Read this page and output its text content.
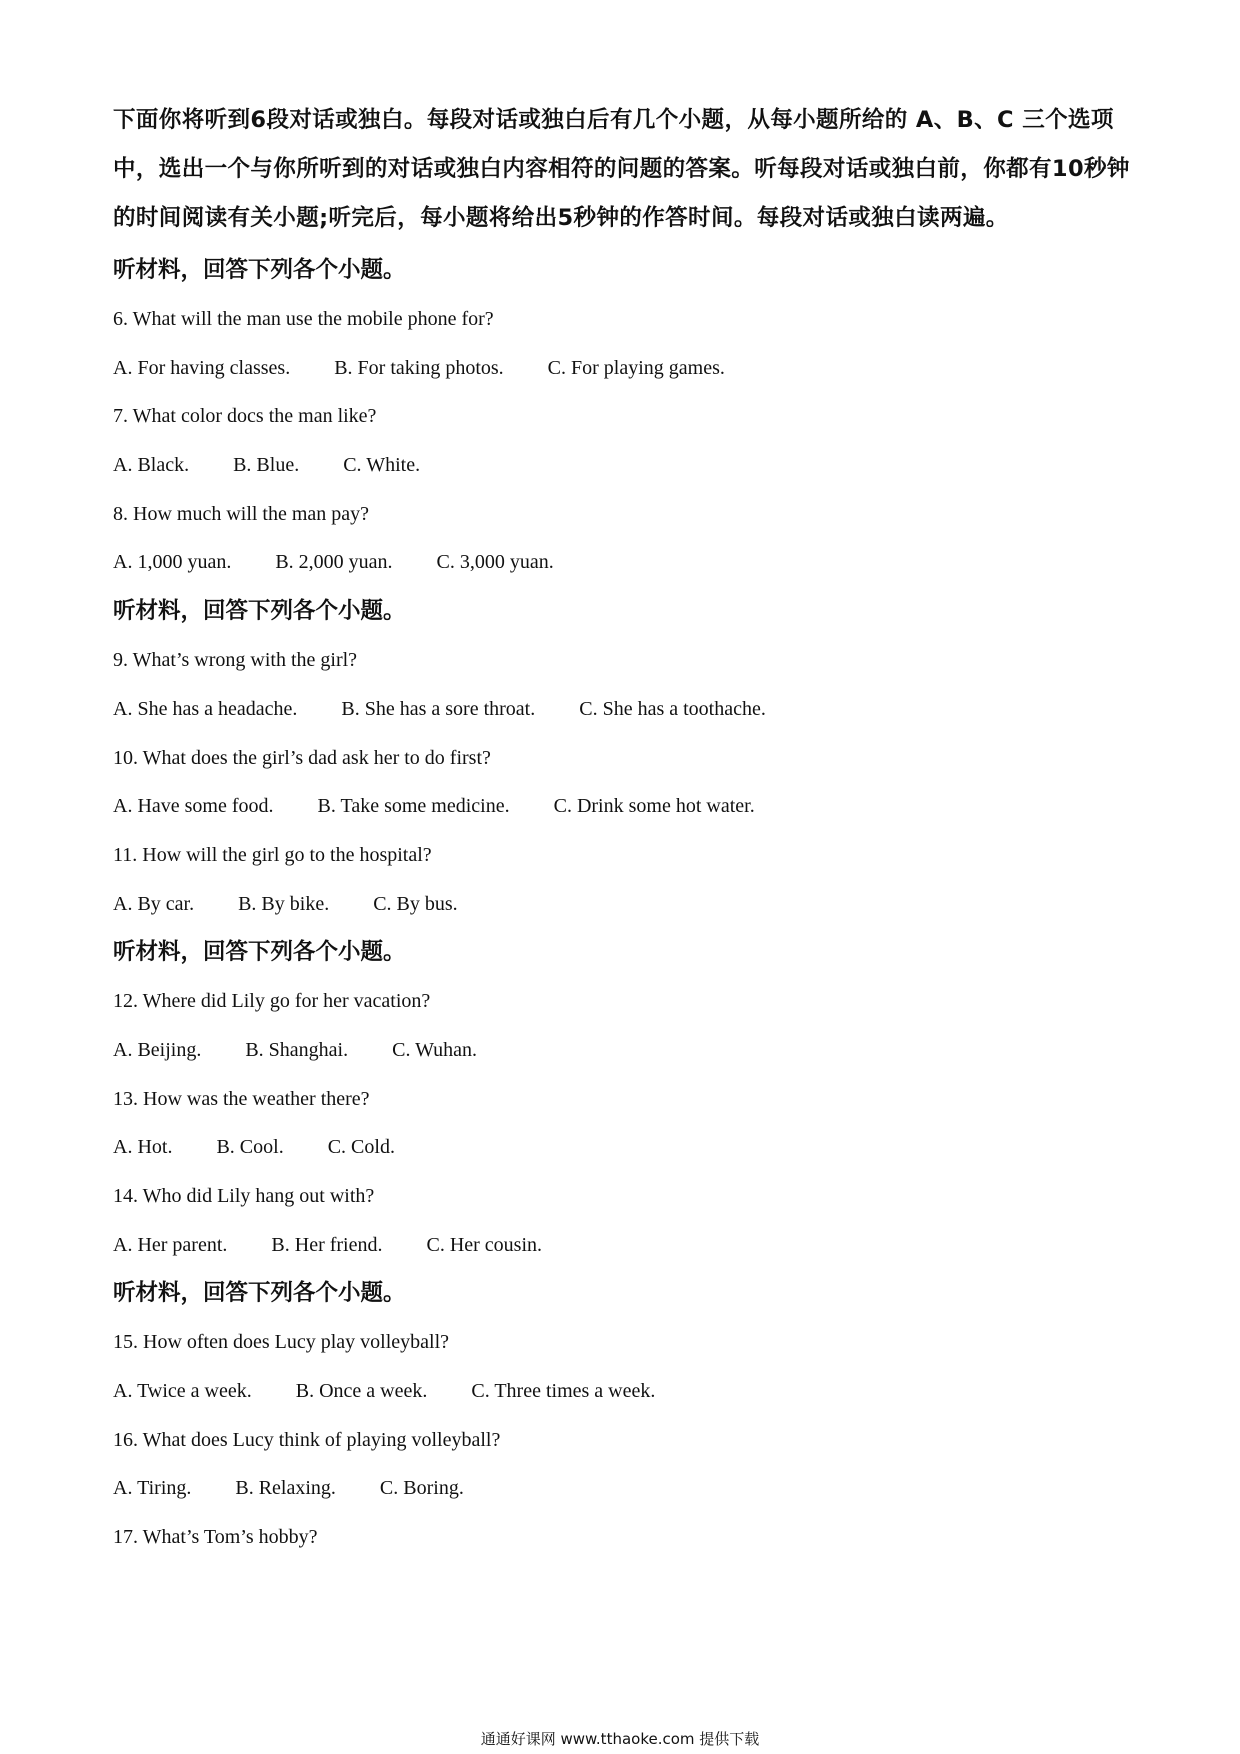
下面你将听到6段对话或独白。每段对话或独白后有几个小题，从每小题所给的 A、B、C 三个选项中，选出一个与你所听到的对话或独白内容相符的问题的答案。听每段对话或独白前，你都有10秒钟的时间阅读有关小题;听完后，每小题将给出5秒钟的作答时间。每段对话或独白读两遍。

听材料，回答下列各个小题。

6. What will the man use the mobile phone for?

A. For having classes. B. For taking photos. C. For playing games.

7. What color docs the man like?

A. Black. B. Blue. C. White.

8. How much will the man pay?

A. 1,000 yuan. B. 2,000 yuan. C. 3,000 yuan.

听材料，回答下列各个小题。

9. What’s wrong with the girl?

A. She has a headache. B. She has a sore throat. C. She has a toothache.

10. What does the girl’s dad ask her to do first?

A. Have some food. B. Take some medicine. C. Drink some hot water.

11. How will the girl go to the hospital?

A. By car. B. By bike. C. By bus.

听材料，回答下列各个小题。

12. Where did Lily go for her vacation?

A. Beijing. B. Shanghai. C. Wuhan.

13. How was the weather there?

A. Hot. B. Cool. C. Cold.

14. Who did Lily hang out with?

A. Her parent. B. Her friend. C. Her cousin.

听材料，回答下列各个小题。

15. How often does Lucy play volleyball?

A. Twice a week. B. Once a week. C. Three times a week.

16. What does Lucy think of playing volleyball?

A. Tiring. B. Relaxing. C. Boring.

17. What’s Tom’s hobby?

通通好课网 www.tthaoke.com 提供下载
